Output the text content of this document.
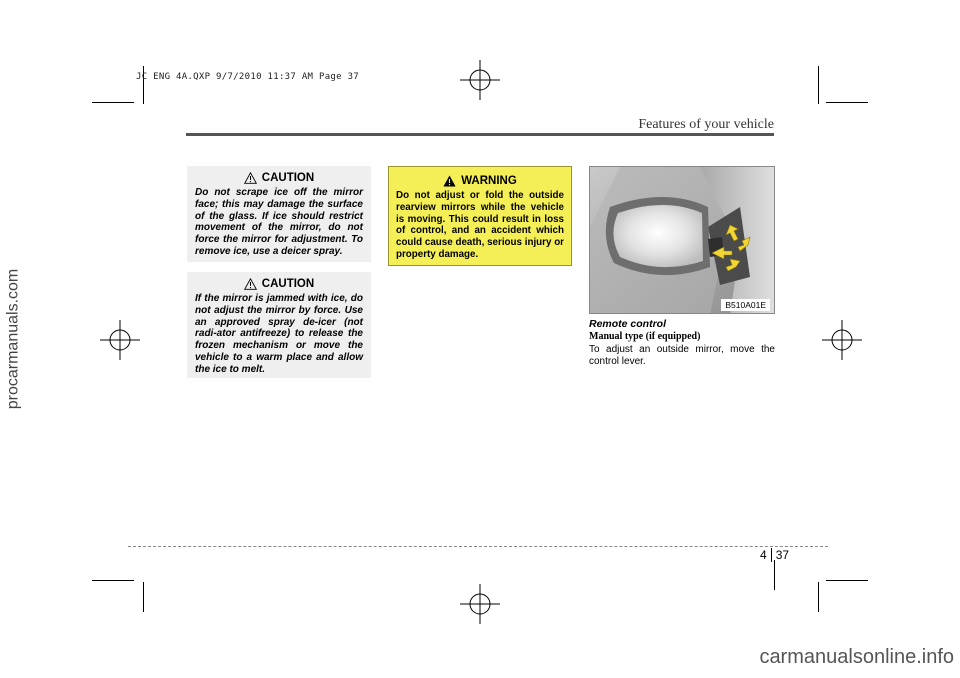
JC ENG 4A.QXP 9/7/2010 11:37 AM Page 37
procarmanuals.com
Features of your vehicle
CAUTION
Do not scrape ice off the mirror face; this may damage the surface of the glass. If ice should restrict movement of the mirror, do not force the mirror for adjustment. To remove ice, use a deicer spray.
CAUTION
If the mirror is jammed with ice, do not adjust the mirror by force. Use an approved spray de-icer (not radi-ator antifreeze) to release the frozen mechanism or move the vehicle to a warm place and allow the ice to melt.
WARNING
Do not adjust or fold the outside rearview mirrors while the vehicle is moving. This could result in loss of control, and an accident which could cause death, serious injury or property damage.
B510A01E
Remote control
Manual type (if equipped)
To adjust an outside mirror, move the control lever.
4 37
carmanualsonline.info
